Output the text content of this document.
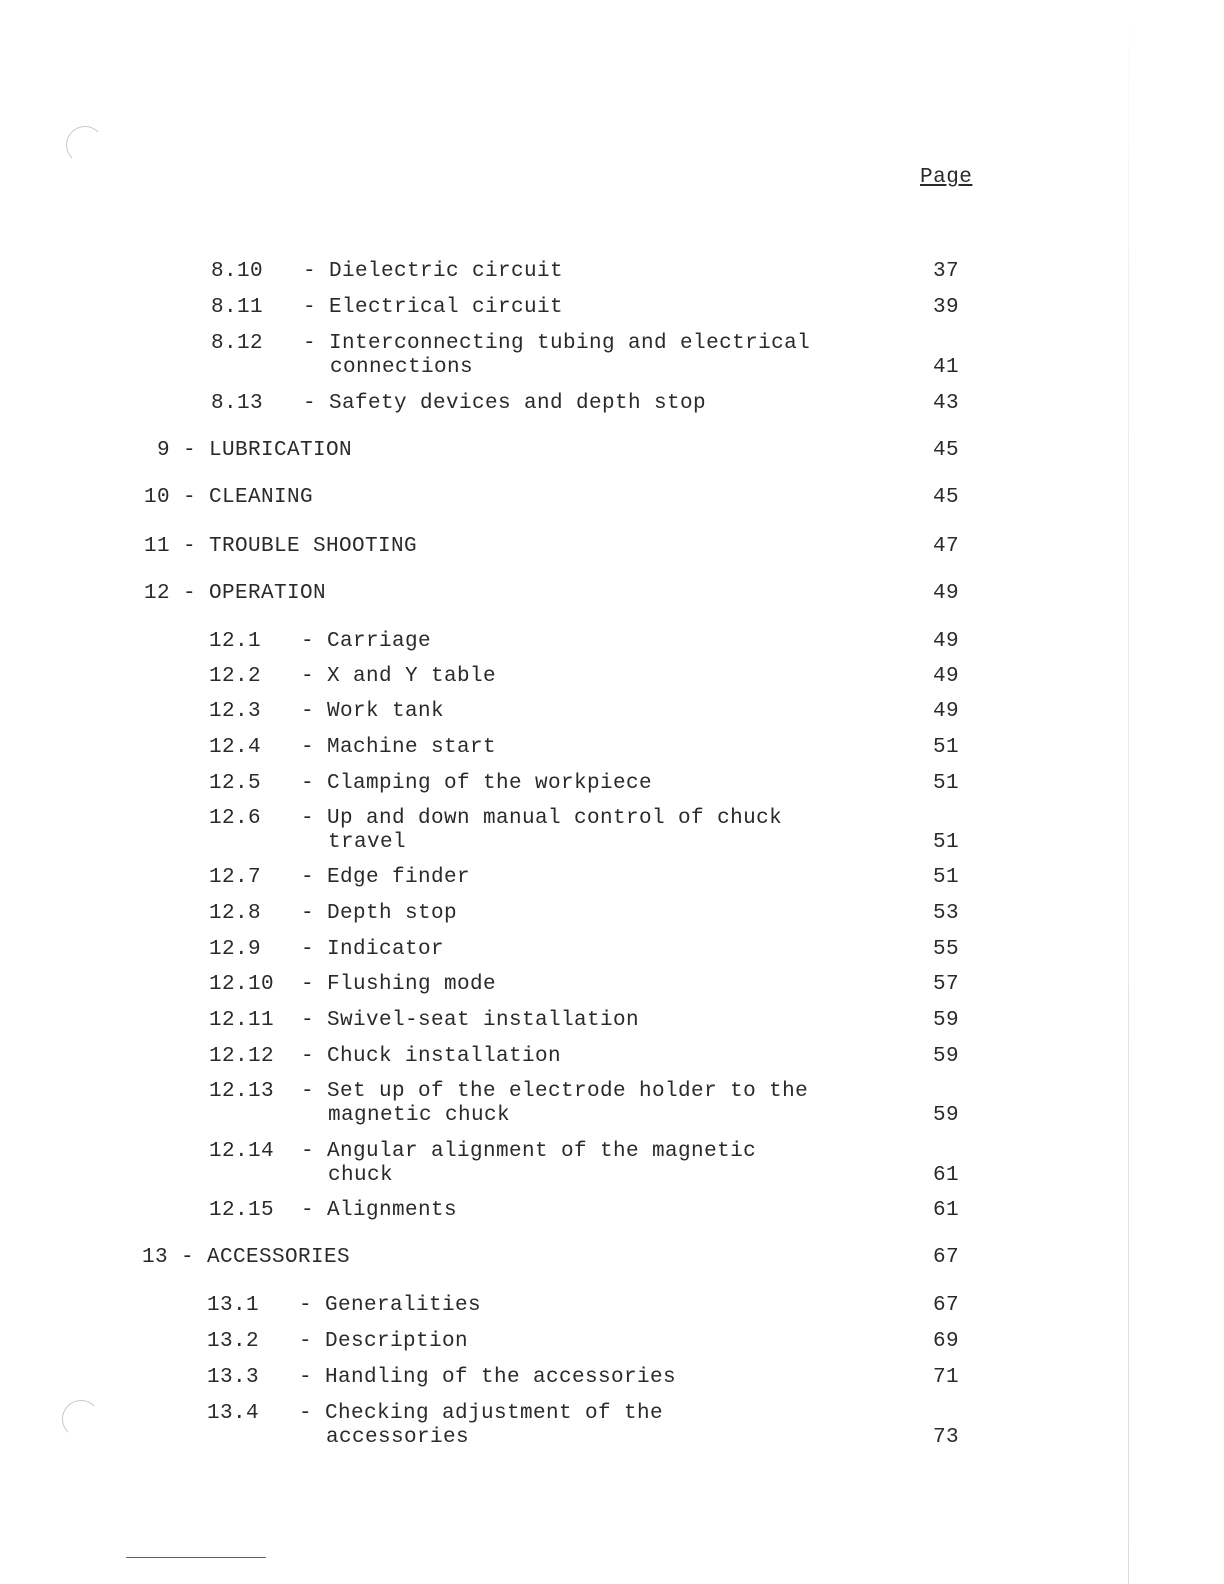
Page
8.10 - Dielectric circuit	37
8.11 - Electrical circuit	39
8.12 - Interconnecting tubing and electrical
connections	41
8.13 - Safety devices and depth stop	43
9 - LUBRICATION	45
10 - CLEANING	45
11 - TROUBLE SHOOTING	47
12 - OPERATION	49
12.1 - Carriage	49
12.2 - X and Y table	49
12.3 - Work tank	49
12.4 - Machine start	51
12.5 - Clamping of the workpiece	51
12.6 - Up and down manual control of chuck
travel	51
12.7 - Edge finder	51
12.8 - Depth stop	53
12.9 - Indicator	55
12.10 - Flushing mode	57
12.11 - Swivel-seat installation	59
12.12 - Chuck installation	59
12.13 - Set up of the electrode holder to the
magnetic chuck	59
12.14 - Angular alignment of the magnetic
chuck	61
12.15 - Alignments	61
13 - ACCESSORIES	67
13.1 - Generalities	67
13.2 - Description	69
13.3 - Handling of the accessories	71
13.4 - Checking adjustment of the
accessories	73
